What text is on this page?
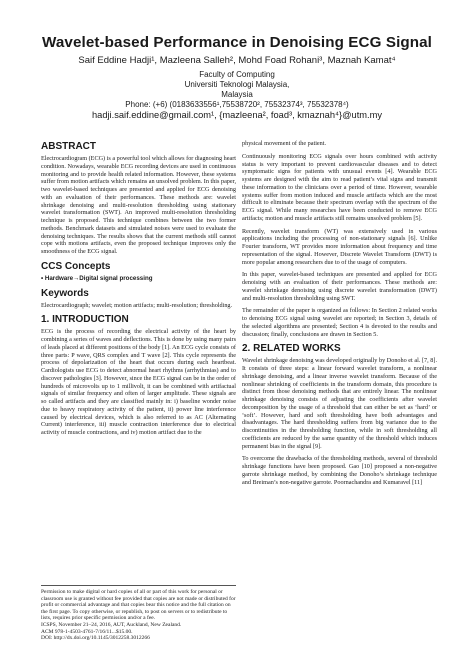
Wavelet-based Performance in Denoising ECG Signal
Saif Eddine Hadji¹, Mazleena Salleh², Mohd Foad Rohani³, Maznah Kamat⁴
Faculty of Computing
Universiti Teknologi Malaysia,
Malaysia
Phone: (+6) (0183633556¹,75538720², 75532374³, 75532378⁴)
hadji.saif.eddine@gmail.com¹, {mazleena², foad³, kmaznah⁴}@utm.my
ABSTRACT

Electrocardiogram (ECG) is a powerful tool which allows for diagnosing heart condition. Nowadays, wearable ECG recording devices are used in continuous monitoring and to provide health related information. However, these systems suffer from motion artifacts which remains an unsolved problem. In this paper, two wavelet-based techniques are presented and applied for ECG denoising with an evaluation of their performances. These methods are: wavelet shrinkage denoising and multi-resolution thresholding using stationary wavelet transformation (SWT). An improved multi-resolution thresholding technique is proposed. This technique combines between the two former methods. Benchmark datasets and simulated noises were used to evaluate the denoising techniques. The results shows that the current methods still cannot cope with motions artifacts, even the proposed technique improves only the smoothness of the ECG signal.

CCS Concepts
• Hardware→Digital signal processing
Keywords

Electrocardiograph; wavelet; motion artifacts; multi-resolution; thresholding.

1. INTRODUCTION

ECG is the process of recording the electrical activity of the heart by combining a series of waves and deflections. This is done by using many pairs of leads placed at different positions of the body [1]. An ECG cycle consists of three parts: P wave, QRS complex and T wave [2]. This cycle represents the process of depolarization of the heart that occurs during each heartbeat. Cardiologists use ECG to detect abnormal heart rhythms (arrhythmias) and to discover pathologies [3]. However, since the ECG signal can be in the order of hundreds of microvolts up to 1 millivolt, it can be combined with artifactual signals of similar frequency and often of larger amplitude. These signals are so called artifacts and they are classified mainly in: i) baseline wonder noise due to heavy respiratory activity of the patient, ii) power line interference caused by electrical devices, which is also referred to as AC (Alternating Current) interference, iii) muscle contraction interference due to electrical activity of muscle contractions, and iv) motion artifact due to the

Permission to make digital or hard copies of all or part of this work for personal or classroom use is granted without fee provided that copies are not made or distributed for profit or commercial advantage and that copies bear this notice and the full citation on the first page. To copy otherwise, or republish, to post on servers or to redistribute to lists, requires prior specific permission and/or a fee.

ICSPS, November 21–24, 2016, AUT, Auckland, New Zealand.

ACM 978-1-4503-4761-7/16/11...$15.00.

DOI: http://dx.doi.org/10.1145/3012258.3012266

physical movement of the patient.

Continuously monitoring ECG signals over hours combined with activity status is very important to prevent cardiovascular diseases and to detect symptomatic signs for patients with unusual events [4]. Wearable ECG systems are designed with the aim to read patient’s vital signs and transmit these information to the clinicians over a period of time. However, wearable systems suffer from motion induced and muscle artifacts which are the most difficult to eliminate because their spectrum overlap with the spectrum of the ECG signal. While many researches have been conducted to remove ECG artifacts; motion and muscle artifacts still remains unsolved problem [5].

Recently, wavelet transform (WT) was extensively used in various applications including the processing of non-stationary signals [6]. Unlike Fourier transform, WT provides more information about frequency and time representation of the signal. However, Discrete Wavelet Transform (DWT) is more popular among researchers due to of the usage of computers.

In this paper, wavelet-based techniques are presented and applied for ECG denoising with an evaluation of their performances. These methods are: wavelet shrinkage denoising using discrete wavelet transformation (DWT) and multi-resolution thresholding using SWT.

The remainder of the paper is organized as follows: In Section 2 related works to denoising ECG signal using wavelet are reported; in Section 3, details of the selected algorithms are presented; Section 4 is devoted to the results and discussion; finally, conclusions are drawn in Section 5.

2. RELATED WORKS

Wavelet shrinkage denoising was developed originally by Donoho et al. [7, 8]. It consists of three steps: a linear forward wavelet transform, a nonlinear shrinkage denoising, and a linear inverse wavelet transform. Because of the nonlinear shrinking of coefficients in the transform domain, this procedure is distinct from those denoising methods that are entirely linear. The nonlinear shrinkage denoising consists of adjusting the coefficients after wavelet decomposition by the usage of a threshold that can either be set as ‘hard’ or ‘soft’. However, hard and soft thresholding have both advantages and disadvantages. The hard thresholding suffers from big variance due to the discontinuities in the thresholding function, while in soft thresholding all coefficients are reduced by the same quantity of the threshold which induces permanent bias in the signal [9].

To overcome the drawbacks of the thresholding methods, several of threshold shrinkage functions have been proposed. Gao [10] proposed a non-negative garrote shrinkage method, by combining the Donoho’s shrinkage technique and Breiman’s non-negative garrote. Poornachandra and Kumaravel [11]
